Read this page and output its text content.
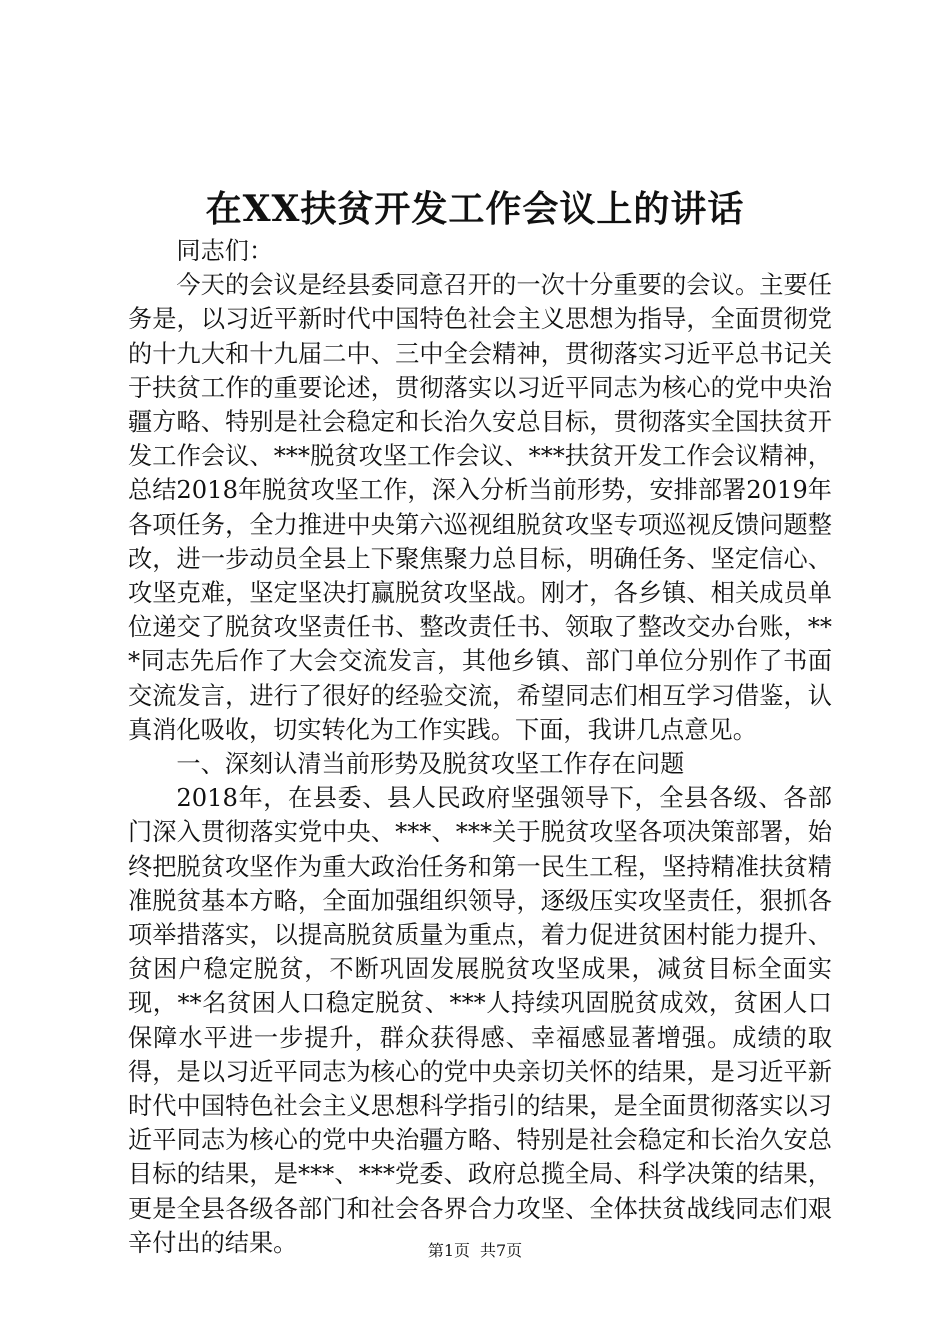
在XX扶贫开发工作会议上的讲话

同志们：

今天的会议是经县委同意召开的一次十分重要的会议。主要任务是，以习近平新时代中国特色社会主义思想为指导，全面贯彻党的十九大和十九届二中、三中全会精神，贯彻落实习近平总书记关于扶贫工作的重要论述，贯彻落实以习近平同志为核心的党中央治疆方略、特别是社会稳定和长治久安总目标，贯彻落实全国扶贫开发工作会议、***脱贫攻坚工作会议、***扶贫开发工作会议精神，总结2018年脱贫攻坚工作，深入分析当前形势，安排部署2019年各项任务，全力推进中央第六巡视组脱贫攻坚专项巡视反馈问题整改，进一步动员全县上下聚焦聚力总目标，明确任务、坚定信心、攻坚克难，坚定坚决打赢脱贫攻坚战。刚才，各乡镇、相关成员单位递交了脱贫攻坚责任书、整改责任书、领取了整改交办台账，***同志先后作了大会交流发言，其他乡镇、部门单位分别作了书面交流发言，进行了很好的经验交流，希望同志们相互学习借鉴，认真消化吸收，切实转化为工作实践。下面，我讲几点意见。

一、深刻认清当前形势及脱贫攻坚工作存在问题

2018年，在县委、县人民政府坚强领导下，全县各级、各部门深入贯彻落实党中央、***、***关于脱贫攻坚各项决策部署，始终把脱贫攻坚作为重大政治任务和第一民生工程，坚持精准扶贫精准脱贫基本方略，全面加强组织领导，逐级压实攻坚责任，狠抓各项举措落实，以提高脱贫质量为重点，着力促进贫困村能力提升、贫困户稳定脱贫，不断巩固发展脱贫攻坚成果，减贫目标全面实现，**名贫困人口稳定脱贫、***人持续巩固脱贫成效，贫困人口保障水平进一步提升，群众获得感、幸福感显著增强。成绩的取得，是以习近平同志为核心的党中央亲切关怀的结果，是习近平新时代中国特色社会主义思想科学指引的结果，是全面贯彻落实以习近平同志为核心的党中央治疆方略、特别是社会稳定和长治久安总目标的结果，是***、***党委、政府总揽全局、科学决策的结果，更是全县各级各部门和社会各界合力攻坚、全体扶贫战线同志们艰辛付出的结果。	第1页 共7页
